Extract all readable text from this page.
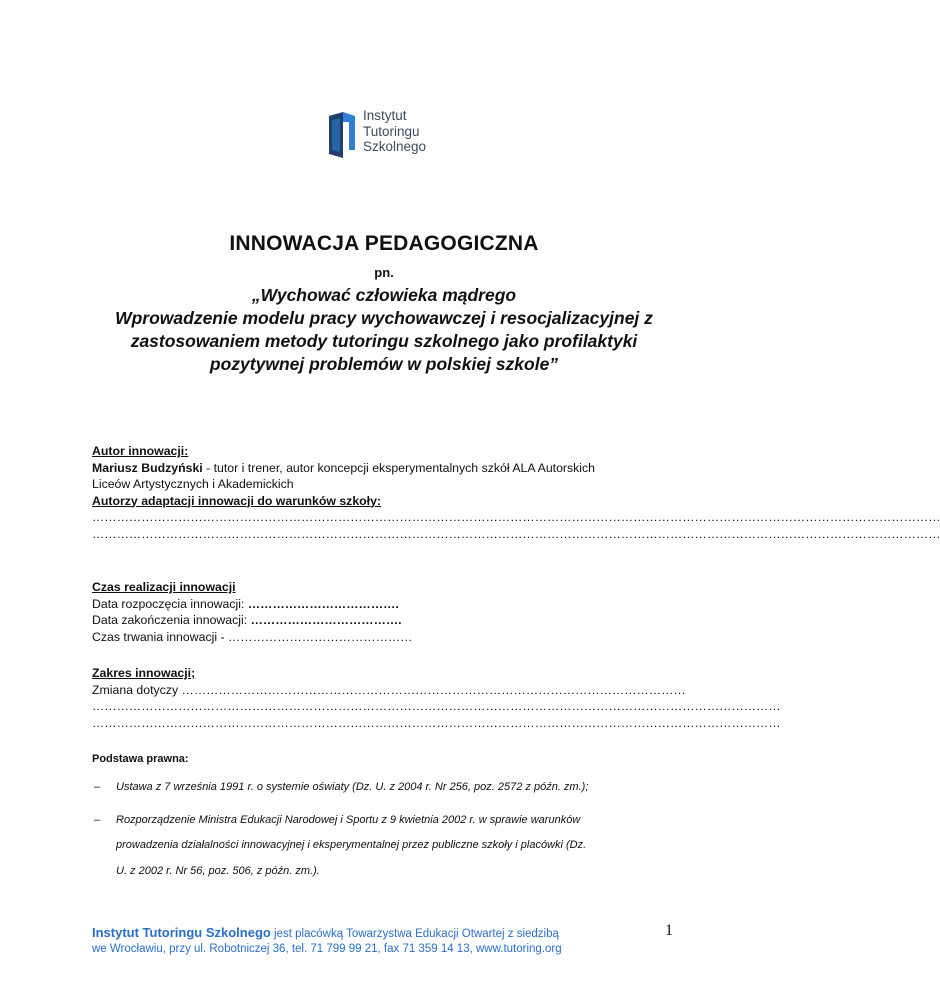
Instytut
Tutoringu
Szkolnego
INNOWACJA PEDAGOGICZNA
pn.
„Wychować człowieka mądrego
Wprowadzenie modelu pracy wychowawczej i resocjalizacyjnej z
zastosowaniem metody tutoringu szkolnego jako profilaktyki
pozytywnej problemów w polskiej szkole”
Autor innowacji:
Mariusz Budzyński - tutor i trener, autor koncepcji eksperymentalnych szkół ALA Autorskich
Liceów Artystycznych i Akademickich
Autorzy adaptacji innowacji do warunków szkoły:
………………………………………………………………………………………………………………………………………………………………………………………
………………………………………………………………………………………………………………………………………………………………………………………
Czas realizacji innowacji
Data rozpoczęcia innowacji: ……………………………….
Data zakończenia innowacji: ……………………………….
Czas trwania innowacji - ………………………………………
Zakres innowacji;
Zmiana dotyczy ……………………………………………………………………………………………………………
……………………………………………………………………………………………………………………………………………………
……………………………………………………………………………………………………………………………………………………
Podstawa prawna:
– Ustawa z 7 września 1991 r. o systemie oświaty (Dz. U. z 2004 r. Nr 256, poz. 2572 z późn. zm.);
– Rozporządzenie Ministra Edukacji Narodowej i Sportu z 9 kwietnia 2002 r. w sprawie warunków
prowadzenia działalności innowacyjnej i eksperymentalnej przez publiczne szkoły i placówki (Dz.
U. z 2002 r. Nr 56, poz. 506, z późn. zm.).
Instytut Tutoringu Szkolnego jest placówką Towarzystwa Edukacji Otwartej z siedzibą
we Wrocławiu, przy ul. Robotniczej 36, tel. 71 799 99 21, fax 71 359 14 13, www.tutoring.org
1
